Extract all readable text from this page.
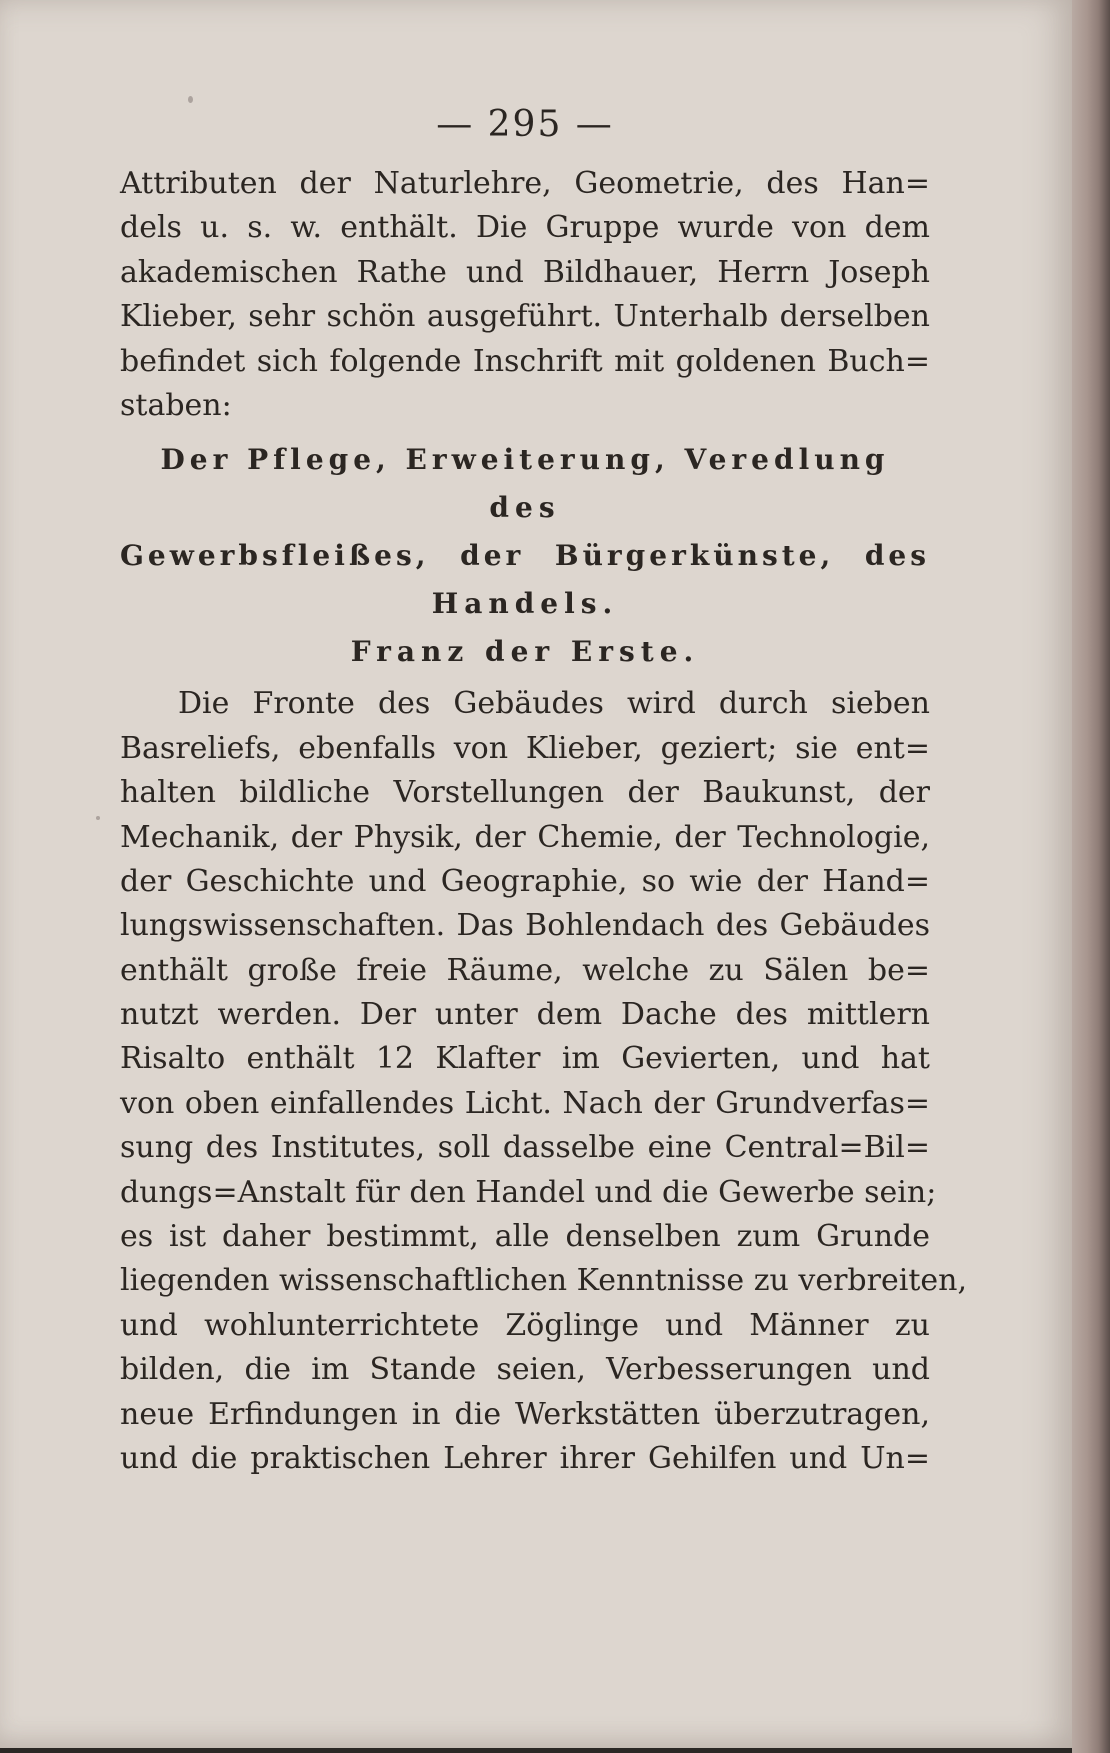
— 295 —
Attributen der Naturlehre, Geometrie, des Han=
dels u. s. w. enthält. Die Gruppe wurde von dem
akademischen Rathe und Bildhauer, Herrn Joseph
Klieber, sehr schön ausgeführt. Unterhalb derselben
befindet sich folgende Inschrift mit goldenen Buch=
staben:
Der Pflege, Erweiterung, Veredlung
des
Gewerbsfleißes, der Bürgerkünste, des
Handels.
Franz der Erste.
Die Fronte des Gebäudes wird durch sieben
Basreliefs, ebenfalls von Klieber, geziert; sie ent=
halten bildliche Vorstellungen der Baukunst, der
Mechanik, der Physik, der Chemie, der Technologie,
der Geschichte und Geographie, so wie der Hand=
lungswissenschaften. Das Bohlendach des Gebäudes
enthält große freie Räume, welche zu Sälen be=
nutzt werden. Der unter dem Dache des mittlern
Risalto enthält 12 Klafter im Gevierten, und hat
von oben einfallendes Licht. Nach der Grundverfas=
sung des Institutes, soll dasselbe eine Central=Bil=
dungs=Anstalt für den Handel und die Gewerbe sein;
es ist daher bestimmt, alle denselben zum Grunde
liegenden wissenschaftlichen Kenntnisse zu verbreiten,
und wohlunterrichtete Zöglinge und Männer zu
bilden, die im Stande seien, Verbesserungen und
neue Erfindungen in die Werkstätten überzutragen,
und die praktischen Lehrer ihrer Gehilfen und Un=
